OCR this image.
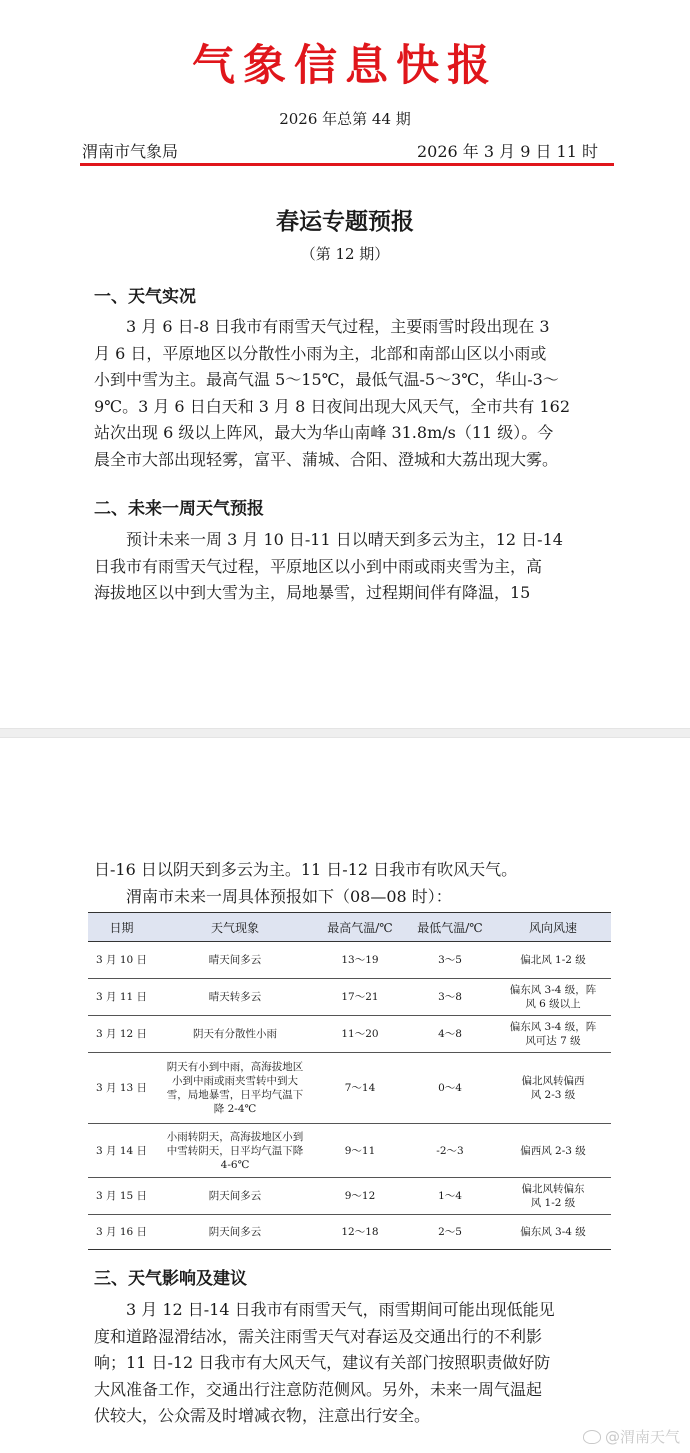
气象信息快报
2026 年总第 44 期
渭南市气象局	2026 年 3 月 9 日 11 时
春运专题预报
（第 12 期）
一、天气实况
　　3 月 6 日-8 日我市有雨雪天气过程，主要雨雪时段出现在 3
月 6 日，平原地区以分散性小雨为主，北部和南部山区以小雨或
小到中雪为主。最高气温 5～15℃，最低气温-5～3℃，华山-3～
9℃。3 月 6 日白天和 3 月 8 日夜间出现大风天气，全市共有 162
站次出现 6 级以上阵风，最大为华山南峰 31.8m/s（11 级）。今
晨全市大部出现轻雾，富平、蒲城、合阳、澄城和大荔出现大雾。
二、未来一周天气预报
　　预计未来一周 3 月 10 日-11 日以晴天到多云为主，12 日-14
日我市有雨雪天气过程，平原地区以小到中雨或雨夹雪为主，高
海拔地区以中到大雪为主，局地暴雪，过程期间伴有降温，15
日-16 日以阴天到多云为主。11 日-12 日我市有吹风天气。
　　渭南市未来一周具体预报如下（08—08 时）：
日期	天气现象	最高气温/℃	最低气温/℃	风向风速
3 月 10 日	晴天间多云	13～19	3～5	偏北风 1-2 级
3 月 11 日	晴天转多云	17～21	3～8	偏东风 3-4 级，阵风 6 级以上
3 月 12 日	阴天有分散性小雨	11～20	4～8	偏东风 3-4 级，阵风可达 7 级
3 月 13 日	阴天有小到中雨，高海拔地区小到中雨或雨夹雪转中到大雪，局地暴雪，日平均气温下降 2-4℃	7～14	0～4	偏北风转偏西风 2-3 级
3 月 14 日	小雨转阴天，高海拔地区小到中雪转阴天，日平均气温下降 4-6℃	9～11	-2～3	偏西风 2-3 级
3 月 15 日	阴天间多云	9～12	1～4	偏北风转偏东风 1-2 级
3 月 16 日	阴天间多云	12～18	2～5	偏东风 3-4 级
三、天气影响及建议
　　3 月 12 日-14 日我市有雨雪天气，雨雪期间可能出现低能见
度和道路湿滑结冰，需关注雨雪天气对春运及交通出行的不利影
响；11 日-12 日我市有大风天气，建议有关部门按照职责做好防
大风准备工作，交通出行注意防范侧风。另外，未来一周气温起
伏较大，公众需及时增减衣物，注意出行安全。
@渭南天气
